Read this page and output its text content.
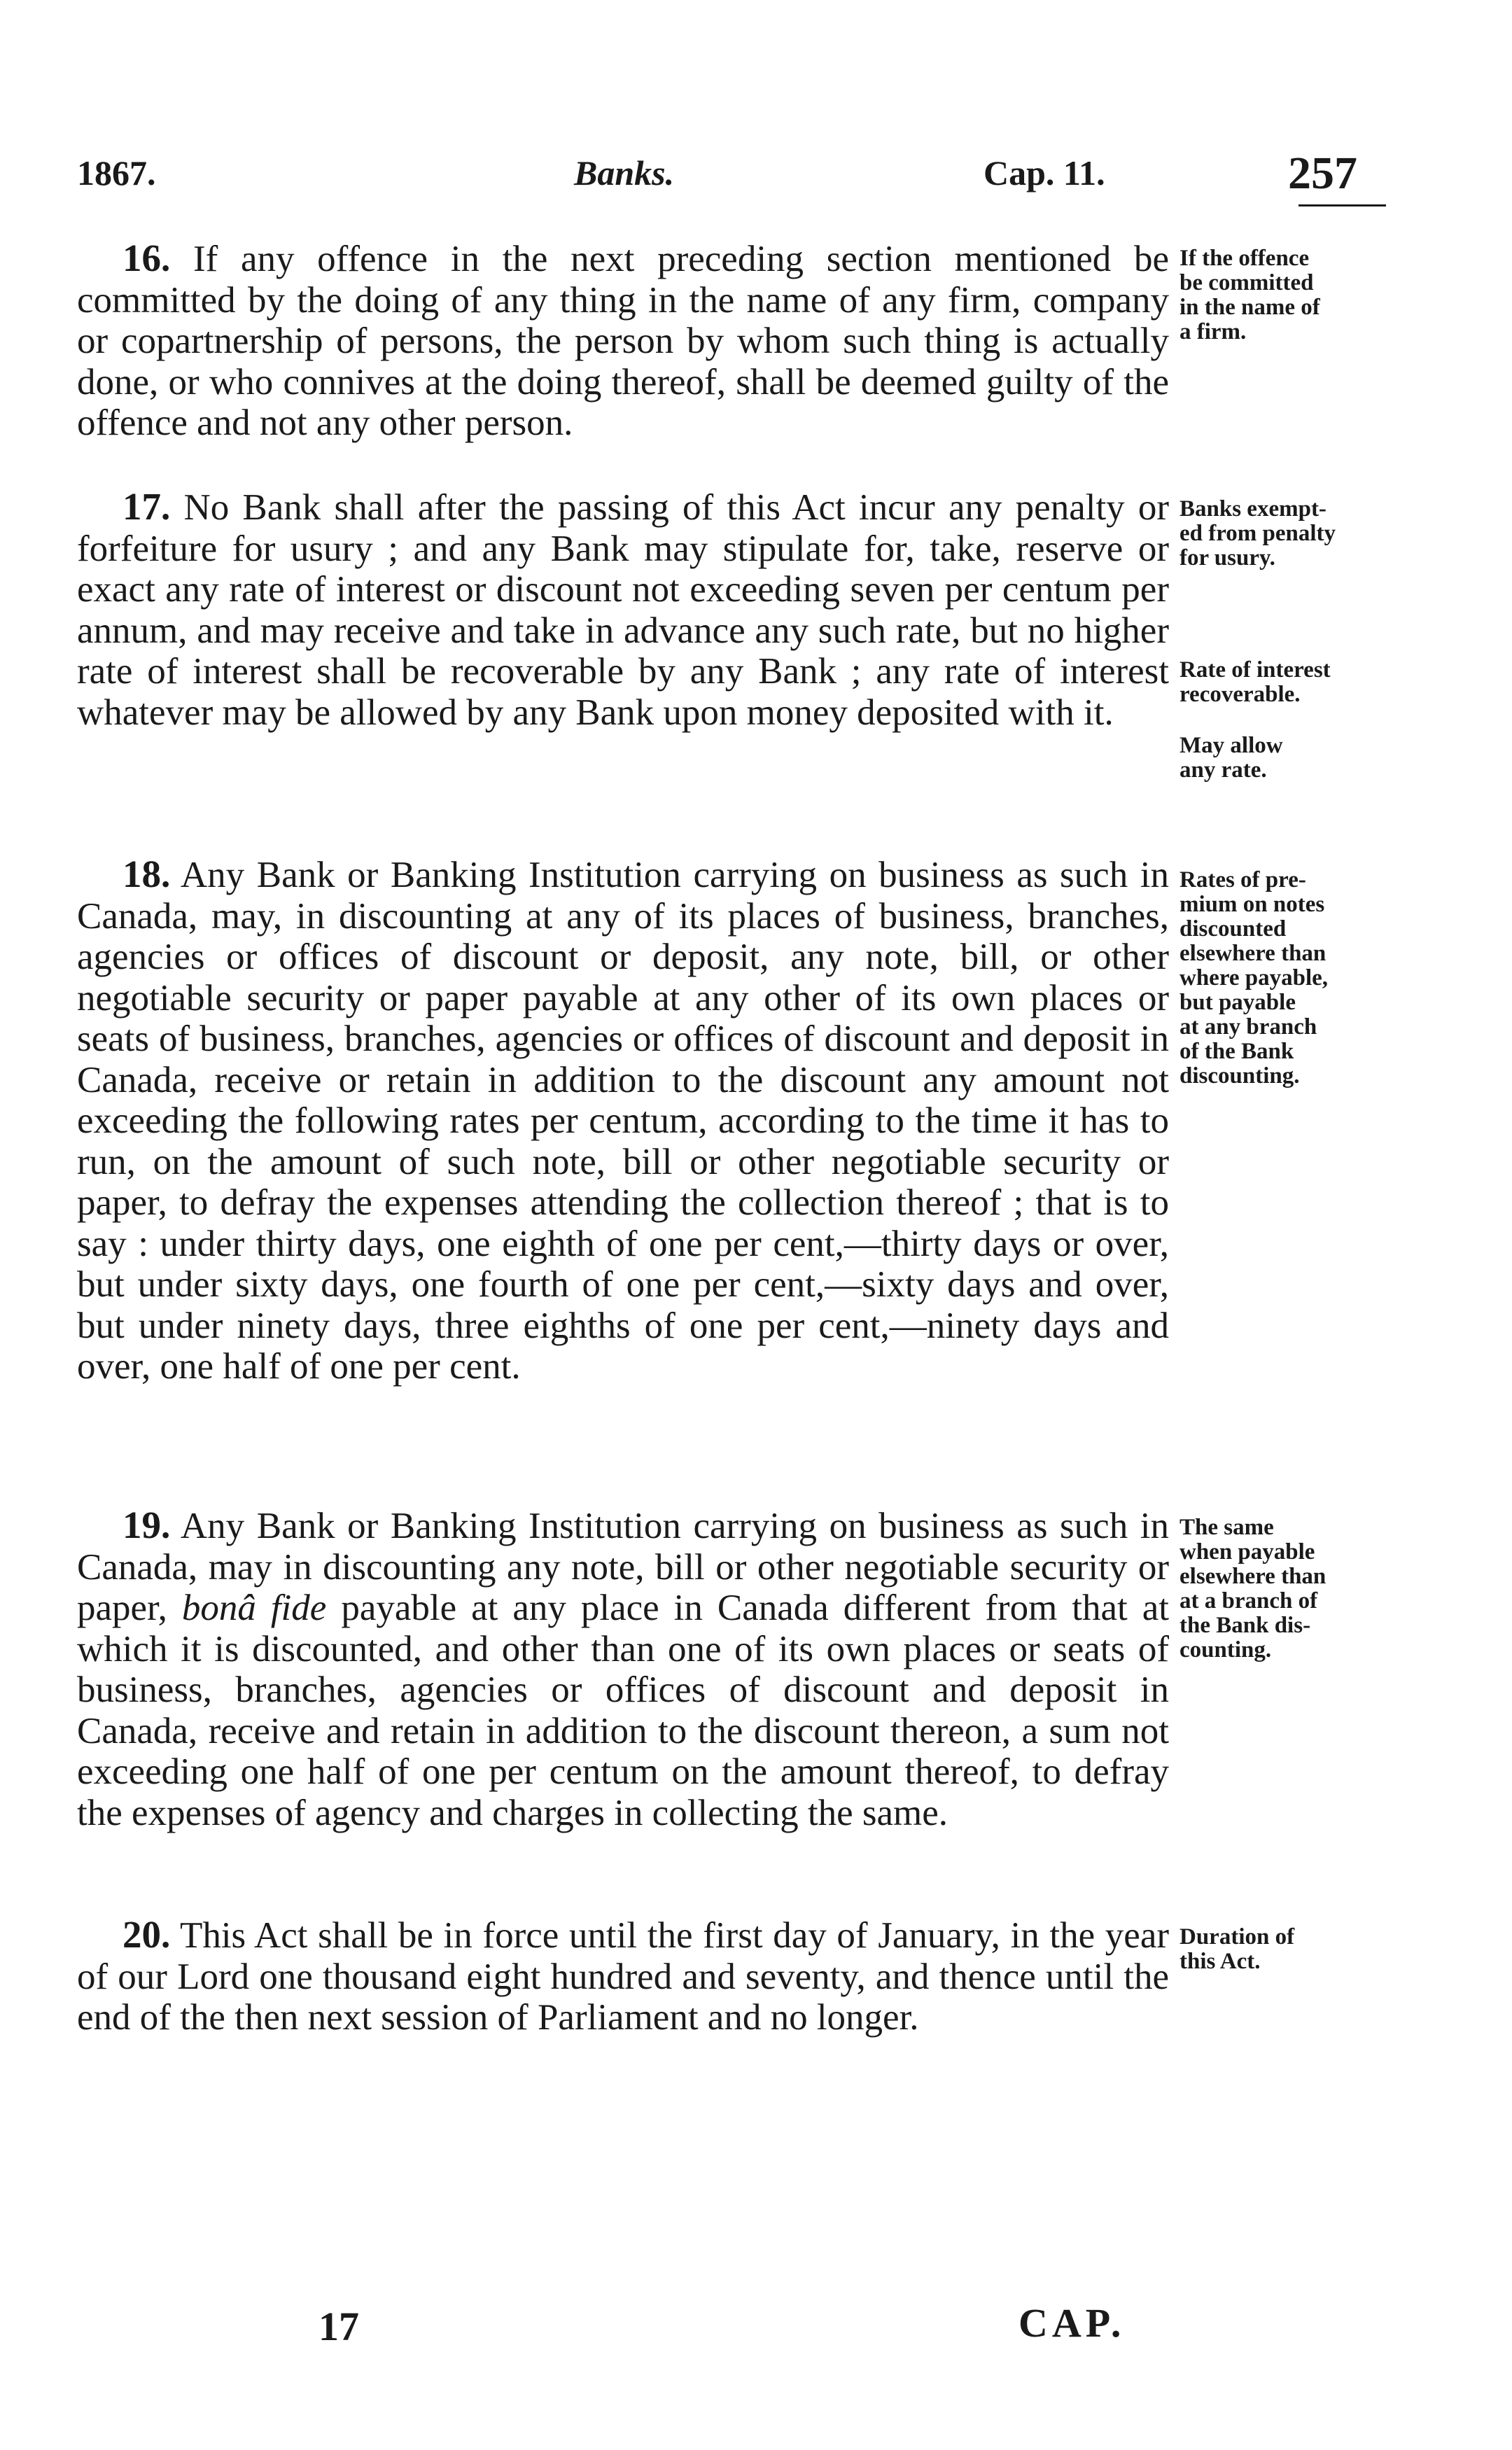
1867.	Banks.	Cap. 11.	257

16. If any offence in the next preceding section mentioned be committed by the doing of any thing in the name of any firm, company or copartnership of persons, the person by whom such thing is actually done, or who connives at the doing thereof, shall be deemed guilty of the offence and not any other person.

If the offence
be committed
in the name of
a firm.

17. No Bank shall after the passing of this Act incur any penalty or forfeiture for usury ; and any Bank may stipulate for, take, reserve or exact any rate of interest or discount not exceeding seven per centum per annum, and may receive and take in advance any such rate, but no higher rate of interest shall be recoverable by any Bank ; any rate of interest whatever may be allowed by any Bank upon money deposited with it.

Banks exempt-
ed from penalty
for usury.
Rate of interest
recoverable.
May allow
any rate.

18. Any Bank or Banking Institution carrying on business as such in Canada, may, in discounting at any of its places of business, branches, agencies or offices of discount or deposit, any note, bill, or other negotiable security or paper payable at any other of its own places or seats of business, branches, agencies or offices of discount and deposit in Canada, receive or retain in addition to the discount any amount not exceeding the following rates per centum, according to the time it has to run, on the amount of such note, bill or other negotiable security or paper, to defray the expenses attending the collection thereof ; that is to say : under thirty days, one eighth of one per cent,—thirty days or over, but under sixty days, one fourth of one per cent,—sixty days and over, but under ninety days, three eighths of one per cent,—ninety days and over, one half of one per cent.

Rates of pre-
mium on notes
discounted
elsewhere than
where payable,
but payable
at any branch
of the Bank
discounting.

19. Any Bank or Banking Institution carrying on business as such in Canada, may in discounting any note, bill or other negotiable security or paper, bonâ fide payable at any place in Canada different from that at which it is discounted, and other than one of its own places or seats of business, branches, agencies or offices of discount and deposit in Canada, receive and retain in addition to the discount thereon, a sum not exceeding one half of one per centum on the amount thereof, to defray the expenses of agency and charges in collecting the same.

The same
when payable
elsewhere than
at a branch of
the Bank dis-
counting.

20. This Act shall be in force until the first day of January, in the year of our Lord one thousand eight hundred and seventy, and thence until the end of the then next session of Parliament and no longer.

Duration of
this Act.
17	CAP.
